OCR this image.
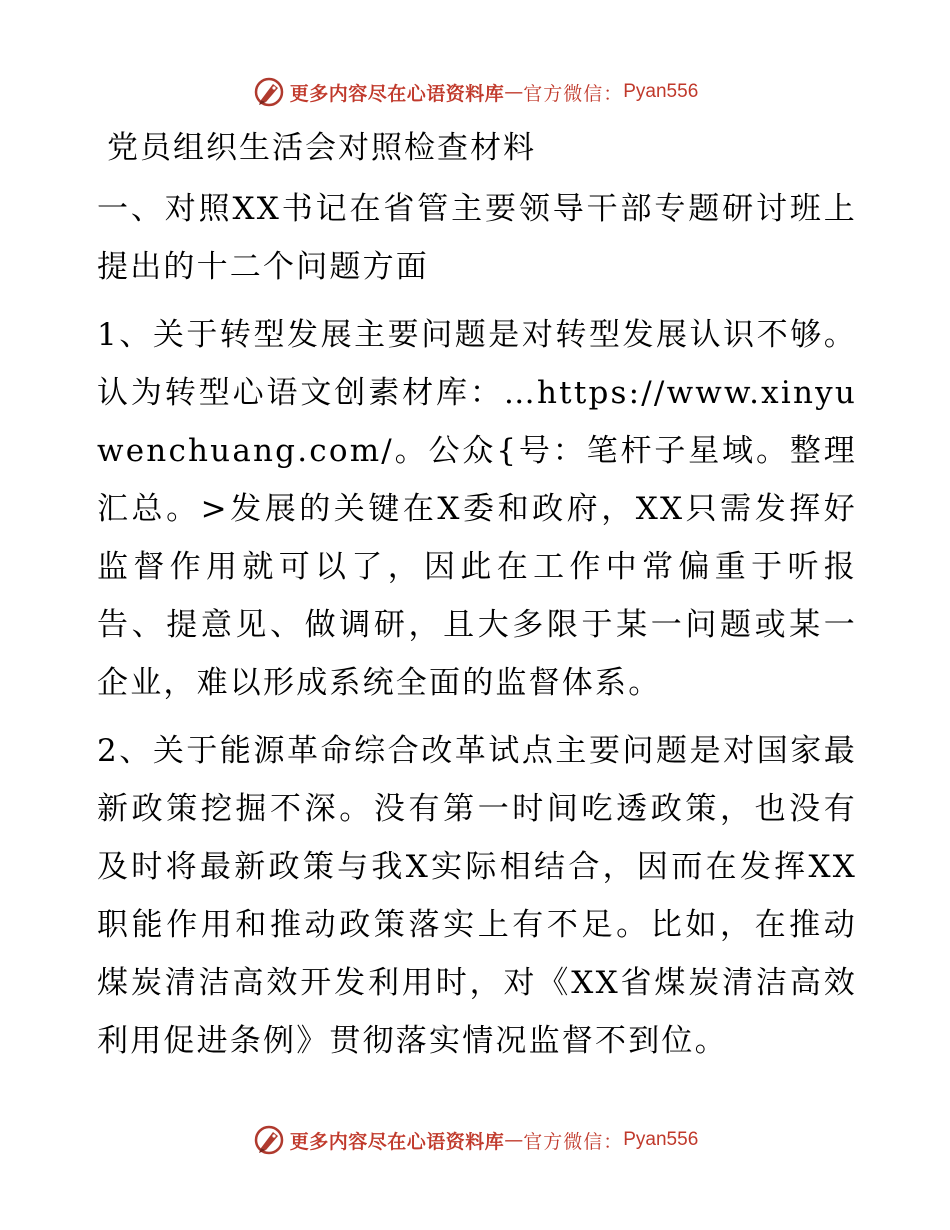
更多内容尽在心语资料库 — 官方微信： Pyan556
党员组织生活会对照检查材料

一、对照XX书记在省管主要领导干部专题研讨班上提出的十二个问题方面

1、关于转型发展主要问题是对转型发展认识不够。认为转型心语文创素材库：…https://www.xinyuwenchuang.com/。公众{号：笔杆子星域。整理汇总。>发展的关键在X委和政府，XX只需发挥好监督作用就可以了，因此在工作中常偏重于听报告、提意见、做调研，且大多限于某一问题或某一企业，难以形成系统全面的监督体系。

2、关于能源革命综合改革试点主要问题是对国家最新政策挖掘不深。没有第一时间吃透政策，也没有及时将最新政策与我X实际相结合，因而在发挥XX职能作用和推动政策落实上有不足。比如，在推动煤炭清洁高效开发利用时，对《XX省煤炭清洁高效利用促进条例》贯彻落实情况监督不到位。

更多内容尽在心语资料库 — 官方微信： Pyan556
